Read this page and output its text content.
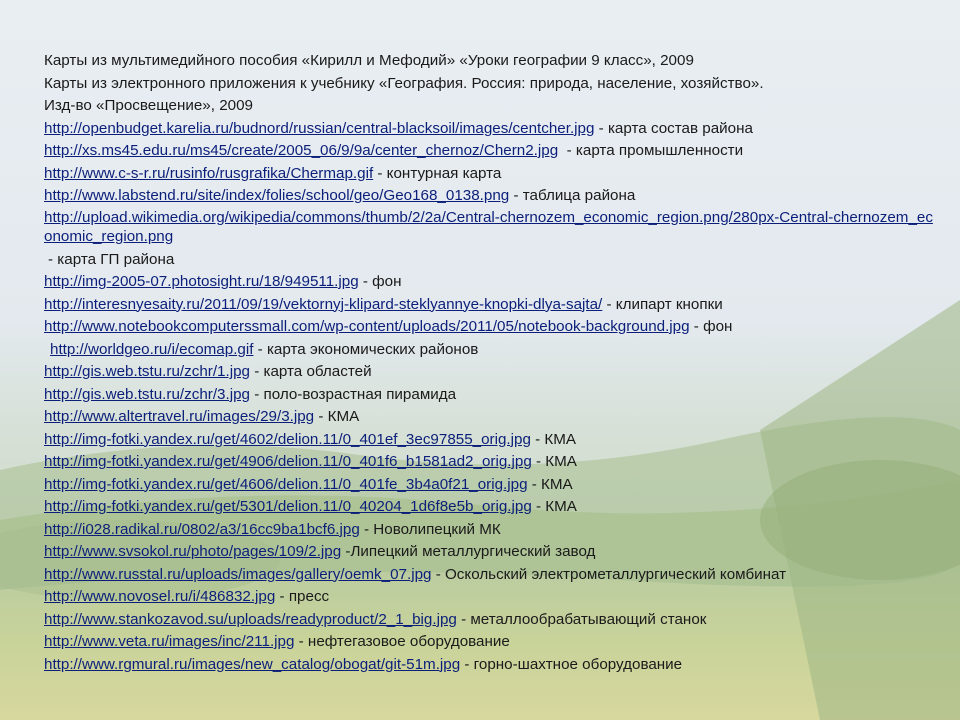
Карты из мультимедийного пособия «Кирилл и Мефодий» «Уроки географии 9 класс», 2009

Карты из электронного приложения к учебнику «География. Россия: природа, население, хозяйство».

Изд-во «Просвещение», 2009

http://openbudget.karelia.ru/budnord/russian/central-blacksoil/images/centcher.jpg - карта состав района

http://xs.ms45.edu.ru/ms45/create/2005_06/9/9a/center_chernoz/Chern2.jpg  - карта промышленности

http://www.c-s-r.ru/rusinfo/rusgrafika/Chermap.gif - контурная карта

http://www.labstend.ru/site/index/folies/school/geo/Geo168_0138.png - таблица района

http://upload.wikimedia.org/wikipedia/commons/thumb/2/2a/Central-chernozem_economic_region.png/280px-Central-chernozem_economic_region.png

- карта ГП района

http://img-2005-07.photosight.ru/18/949511.jpg - фон

http://interesnyesaity.ru/2011/09/19/vektornyj-klipard-steklyannye-knopki-dlya-sajta/ - клипарт кнопки

http://www.notebookcomputerssmall.com/wp-content/uploads/2011/05/notebook-background.jpg - фон

http://worldgeo.ru/i/ecomap.gif - карта экономических районов

http://gis.web.tstu.ru/zchr/1.jpg - карта областей

http://gis.web.tstu.ru/zchr/3.jpg - поло-возрастная пирамида

http://www.altertravel.ru/images/29/3.jpg - КМА

http://img-fotki.yandex.ru/get/4602/delion.11/0_401ef_3ec97855_orig.jpg - КМА

http://img-fotki.yandex.ru/get/4906/delion.11/0_401f6_b1581ad2_orig.jpg - КМА

http://img-fotki.yandex.ru/get/4606/delion.11/0_401fe_3b4a0f21_orig.jpg - КМА

http://img-fotki.yandex.ru/get/5301/delion.11/0_40204_1d6f8e5b_orig.jpg - КМА

http://i028.radikal.ru/0802/a3/16cc9ba1bcf6.jpg - Новолипецкий МК

http://www.svsokol.ru/photo/pages/109/2.jpg -Липецкий металлургический завод

http://www.russtal.ru/uploads/images/gallery/oemk_07.jpg - Оскольский электрометаллургический комбинат

http://www.novosel.ru/i/486832.jpg - пресс

http://www.stankozavod.su/uploads/readyproduct/2_1_big.jpg - металлообрабатывающий станок

http://www.veta.ru/images/inc/211.jpg - нефтегазовое оборудование

http://www.rgmural.ru/images/new_catalog/obogat/git-51m.jpg - горно-шахтное оборудование
